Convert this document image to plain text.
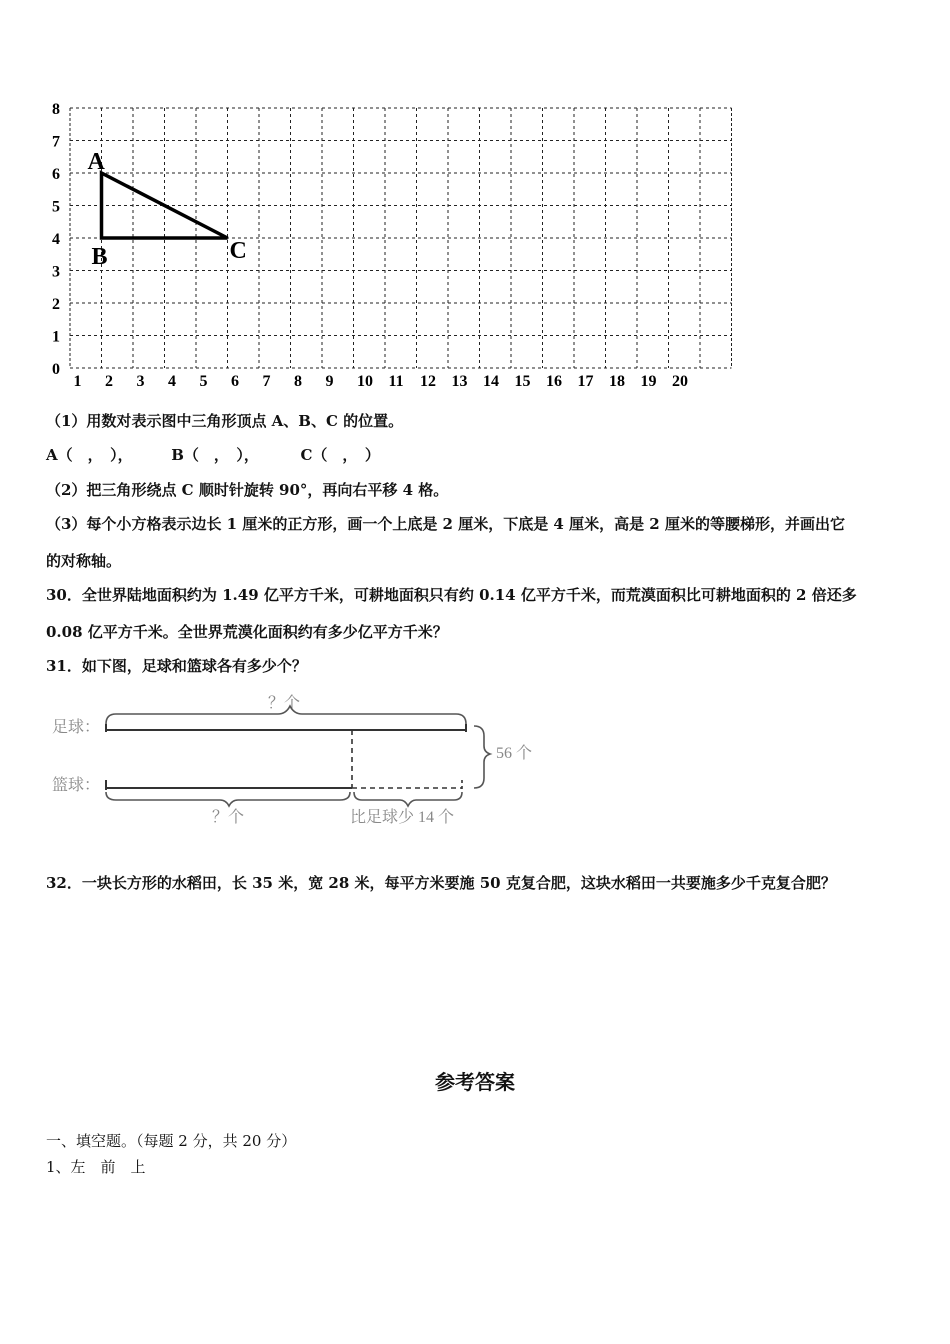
0
1
2
3
4
5
6
7
8
1 2 3 4 5 6 7 8 9 10 11 12 13 14 15 16 17 18 19 20
A
B	C
（1）用数对表示图中三角形顶点 A、B、C 的位置。
A（　，　），	B（　，　），	C（　，　）
（2）把三角形绕点 C 顺时针旋转 90°，再向右平移 4 格。
（3）每个小方格表示边长 1 厘米的正方形，画一个上底是 2 厘米，下底是 4 厘米，高是 2 厘米的等腰梯形，并画出它
的对称轴。
30．全世界陆地面积约为 1.49 亿平方千米，可耕地面积只有约 0.14 亿平方千米，而荒漠面积比可耕地面积的 2 倍还多
0.08 亿平方千米。全世界荒漠化面积约有多少亿平方千米？
31．如下图，足球和篮球各有多少个？
足球：
篮球：
？个
56 个
？个	比足球少 14 个
32．一块长方形的水稻田，长 35 米，宽 28 米，每平方米要施 50 克复合肥，这块水稻田一共要施多少千克复合肥？
参考答案
一、填空题。（每题 2 分，共 20 分）
1、左　前　上
